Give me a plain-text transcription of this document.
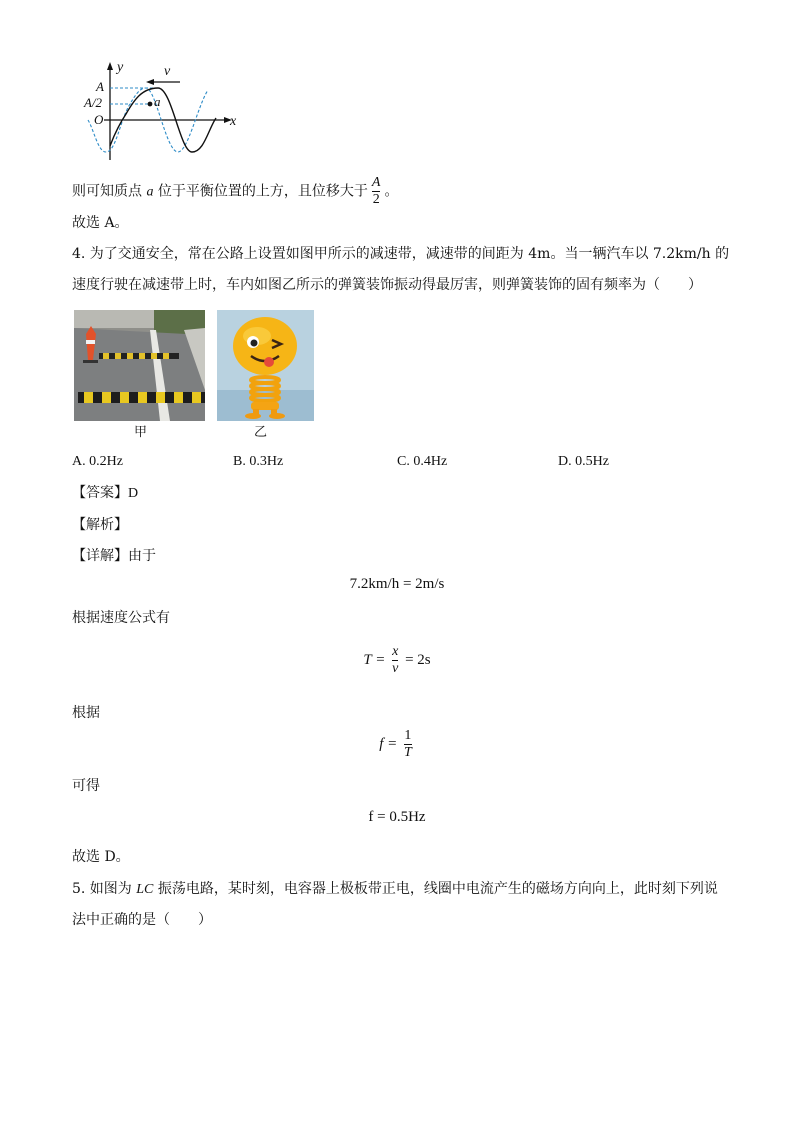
y
x
v
A
A/2
O
a
则可知质点 a 位于平衡位置的上方，且位移大于 $\frac{A}{2}$ 。
故选 A。
4. 为了交通安全，常在公路上设置如图甲所示的减速带，减速带的间距为 4m。当一辆汽车以 7.2km/h 的
速度行驶在减速带上时，车内如图乙所示的弹簧装饰振动得最厉害，则弹簧装饰的固有频率为（　　）
甲	乙
A. 0.2Hz	B. 0.3Hz	C. 0.4Hz	D. 0.5Hz
【答案】D
【解析】
【详解】由于
7.2km/h = 2m/s
根据速度公式有
$T = \frac{x}{v} = 2s$
根据
$f = \frac{1}{T}$
可得
f = 0.5Hz
故选 D。
5. 如图为 LC 振荡电路，某时刻，电容器上极板带正电，线圈中电流产生的磁场方向向上，此时刻下列说
法中正确的是（　　）
